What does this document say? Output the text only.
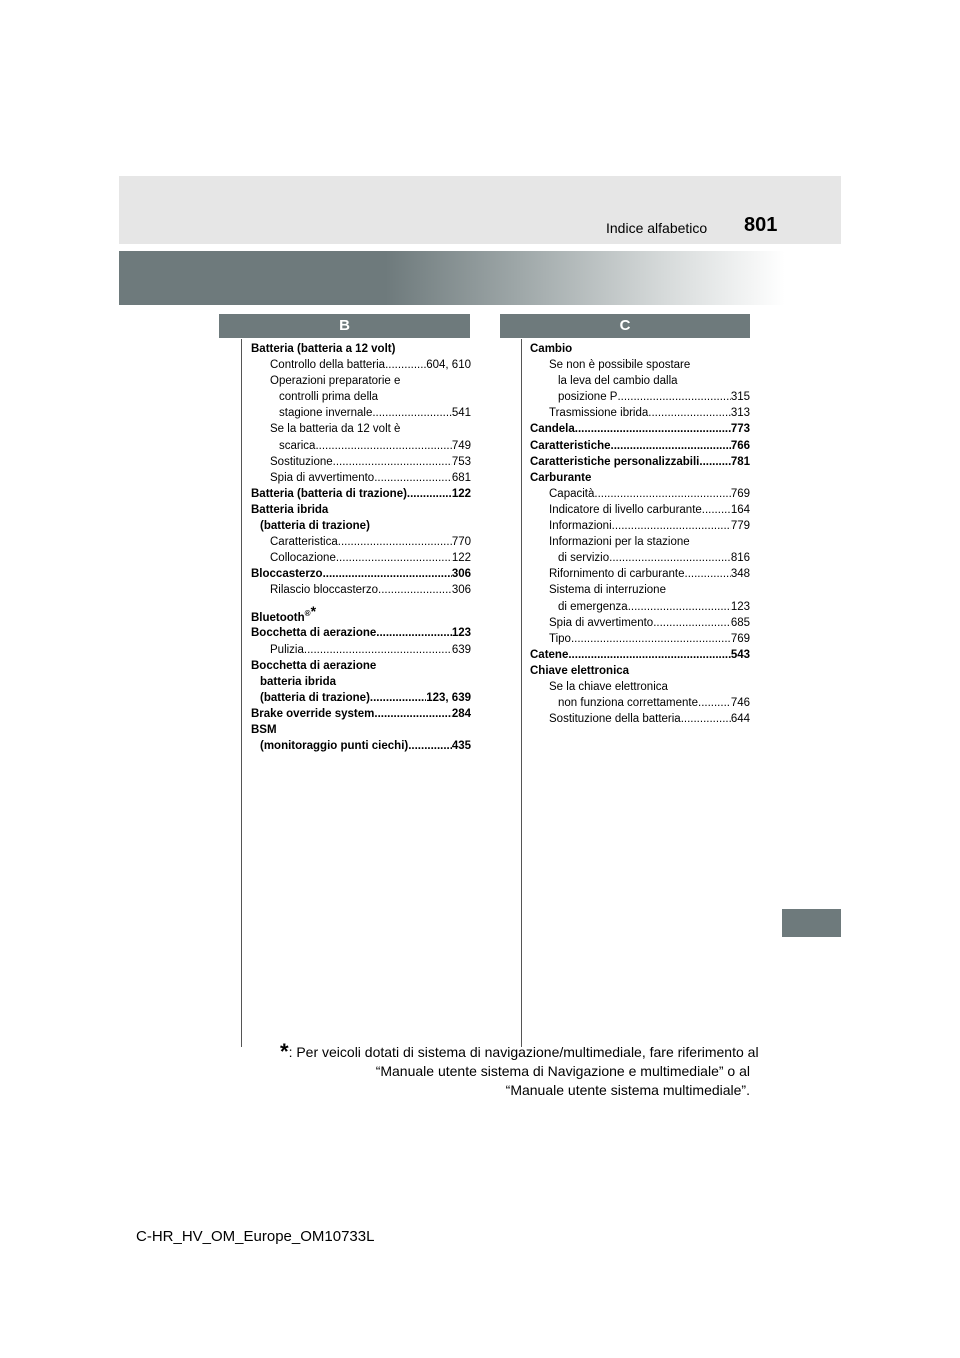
801
Indice alfabetico
B	C
Batteria (batteria a 12 volt)
Controllo della batteria .....	604, 610
Operazioni preparatorie e
controlli prima della
stagione invernale .....	541
Se la batteria da 12 volt è
scarica .....	749
Sostituzione .....	753
Spia di avvertimento .....	681
Batteria (batteria di trazione) .....	122
Batteria ibrida
(batteria di trazione)
Caratteristica .....	770
Collocazione .....	122
Bloccasterzo .....	306
Rilascio bloccasterzo .....	306
Bluetooth®*
Bocchetta di aerazione .....	123
Pulizia .....	639
Bocchetta di aerazione
batteria ibrida
(batteria di trazione) .....	123, 639
Brake override system .....	284
BSM
(monitoraggio punti ciechi) .....	435
Cambio
Se non è possibile spostare
la leva del cambio dalla
posizione P .....	315
Trasmissione ibrida .....	313
Candela .....	773
Caratteristiche .....	766
Caratteristiche personalizzabili .....	781
Carburante
Capacità .....	769
Indicatore di livello carburante .....	164
Informazioni .....	779
Informazioni per la stazione
di servizio .....	816
Rifornimento di carburante .....	348
Sistema di interruzione
di emergenza .....	123
Spia di avvertimento .....	685
Tipo .....	769
Catene .....	543
Chiave elettronica
Se la chiave elettronica
non funziona correttamente .....	746
Sostituzione della batteria .....	644
*: Per veicoli dotati di sistema di navigazione/multimediale, fare riferimento al
“Manuale utente sistema di Navigazione e multimediale” o al
“Manuale utente sistema multimediale”.
C-HR_HV_OM_Europe_OM10733L
